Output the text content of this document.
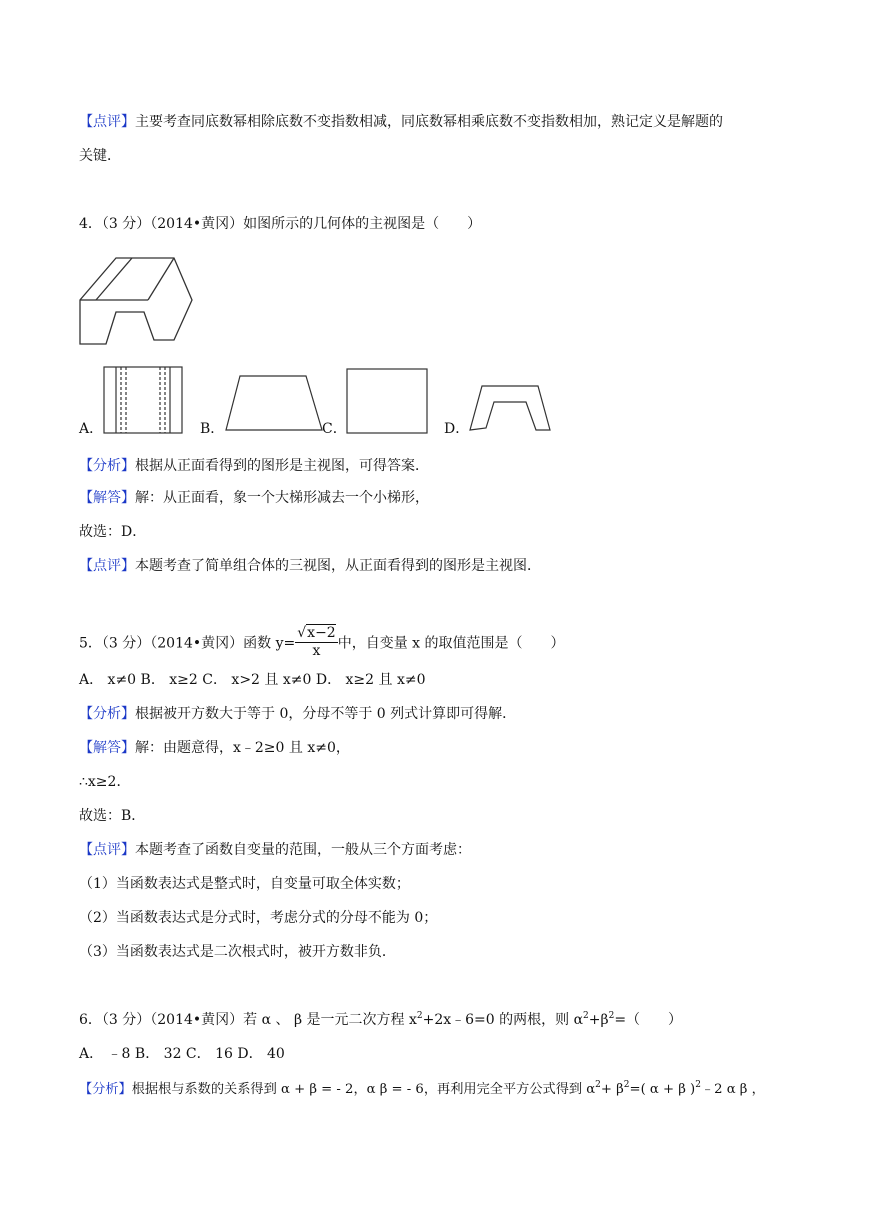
【点评】主要考查同底数幂相除底数不变指数相减，同底数幂相乘底数不变指数相加，熟记定义是解题的
关键．
4．（3 分）（2014•黄冈）如图所示的几何体的主视图是（　　）
A．	B．	C．	D．
【分析】根据从正面看得到的图形是主视图，可得答案．
【解答】解：从正面看，象一个大梯形减去一个小梯形，
故选：D．
【点评】本题考查了简单组合体的三视图，从正面看得到的图形是主视图．
5．（3 分）（2014•黄冈）函数 $y= \frac{√x-2}{x}$ 中，自变量 x 的取值范围是（　　）
A． x≠0 B． x≥2 C． x>2 且 x≠0 D． x≥2 且 x≠0
【分析】根据被开方数大于等于 0，分母不等于 0 列式计算即可得解．
【解答】解：由题意得，x﹣2≥0 且 x≠0，
∴x≥2．
故选：B．
【点评】本题考查了函数自变量的范围，一般从三个方面考虑：
（1）当函数表达式是整式时，自变量可取全体实数；
（2）当函数表达式是分式时，考虑分式的分母不能为 0；
（3）当函数表达式是二次根式时，被开方数非负．
6．（3 分）（2014•黄冈）若 α 、 β 是一元二次方程 $x^2+2x﹣6=0$ 的两根，则 $\alpha^2+\beta^2=$（　　）
A． ﹣8 B． 32 C． 16 D． 40
【分析】根据根与系数的关系得到 α + β = - 2，α β = - 6，再利用完全平方公式得到 $\alpha^2+ \beta^2=$( α + β )$^2$﹣2 α β ，
